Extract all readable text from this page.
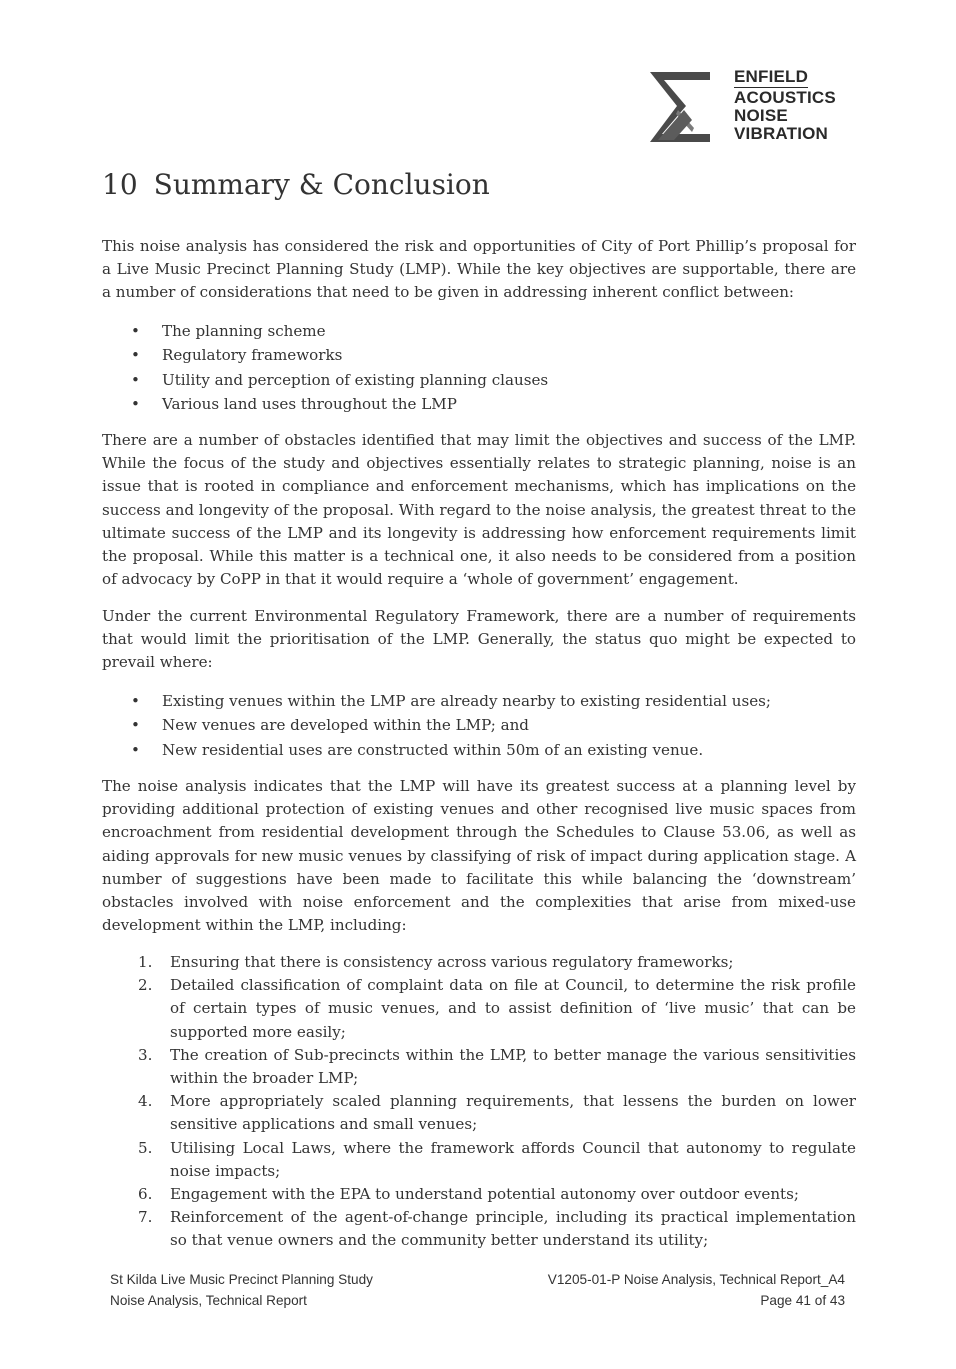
ENFIELD
ACOUSTICS
NOISE
VIBRATION
10 Summary & Conclusion

This noise analysis has considered the risk and opportunities of City of Port Phillip’s proposal for a Live Music Precinct Planning Study (LMP). While the key objectives are supportable, there are a number of considerations that need to be given in addressing inherent conflict between:

• The planning scheme
• Regulatory frameworks
• Utility and perception of existing planning clauses
• Various land uses throughout the LMP

There are a number of obstacles identified that may limit the objectives and success of the LMP. While the focus of the study and objectives essentially relates to strategic planning, noise is an issue that is rooted in compliance and enforcement mechanisms, which has implications on the success and longevity of the proposal. With regard to the noise analysis, the greatest threat to the ultimate success of the LMP and its longevity is addressing how enforcement requirements limit the proposal. While this matter is a technical one, it also needs to be considered from a position of advocacy by CoPP in that it would require a ‘whole of government’ engagement.

Under the current Environmental Regulatory Framework, there are a number of requirements that would limit the prioritisation of the LMP. Generally, the status quo might be expected to prevail where:

• Existing venues within the LMP are already nearby to existing residential uses;
• New venues are developed within the LMP; and
• New residential uses are constructed within 50m of an existing venue.

The noise analysis indicates that the LMP will have its greatest success at a planning level by providing additional protection of existing venues and other recognised live music spaces from encroachment from residential development through the Schedules to Clause 53.06, as well as aiding approvals for new music venues by classifying of risk of impact during application stage. A number of suggestions have been made to facilitate this while balancing the ‘downstream’ obstacles involved with noise enforcement and the complexities that arise from mixed-use development within the LMP, including:

1. Ensuring that there is consistency across various regulatory frameworks;
2. Detailed classification of complaint data on file at Council, to determine the risk profile of certain types of music venues, and to assist definition of ‘live music’ that can be supported more easily;
3. The creation of Sub-precincts within the LMP, to better manage the various sensitivities within the broader LMP;
4. More appropriately scaled planning requirements, that lessens the burden on lower sensitive applications and small venues;
5. Utilising Local Laws, where the framework affords Council that autonomy to regulate noise impacts;
6. Engagement with the EPA to understand potential autonomy over outdoor events;
7. Reinforcement of the agent-of-change principle, including its practical implementation so that venue owners and the community better understand its utility;
St Kilda Live Music Precinct Planning Study
Noise Analysis, Technical Report
V1205-01-P Noise Analysis, Technical Report_A4
Page 41 of 43
